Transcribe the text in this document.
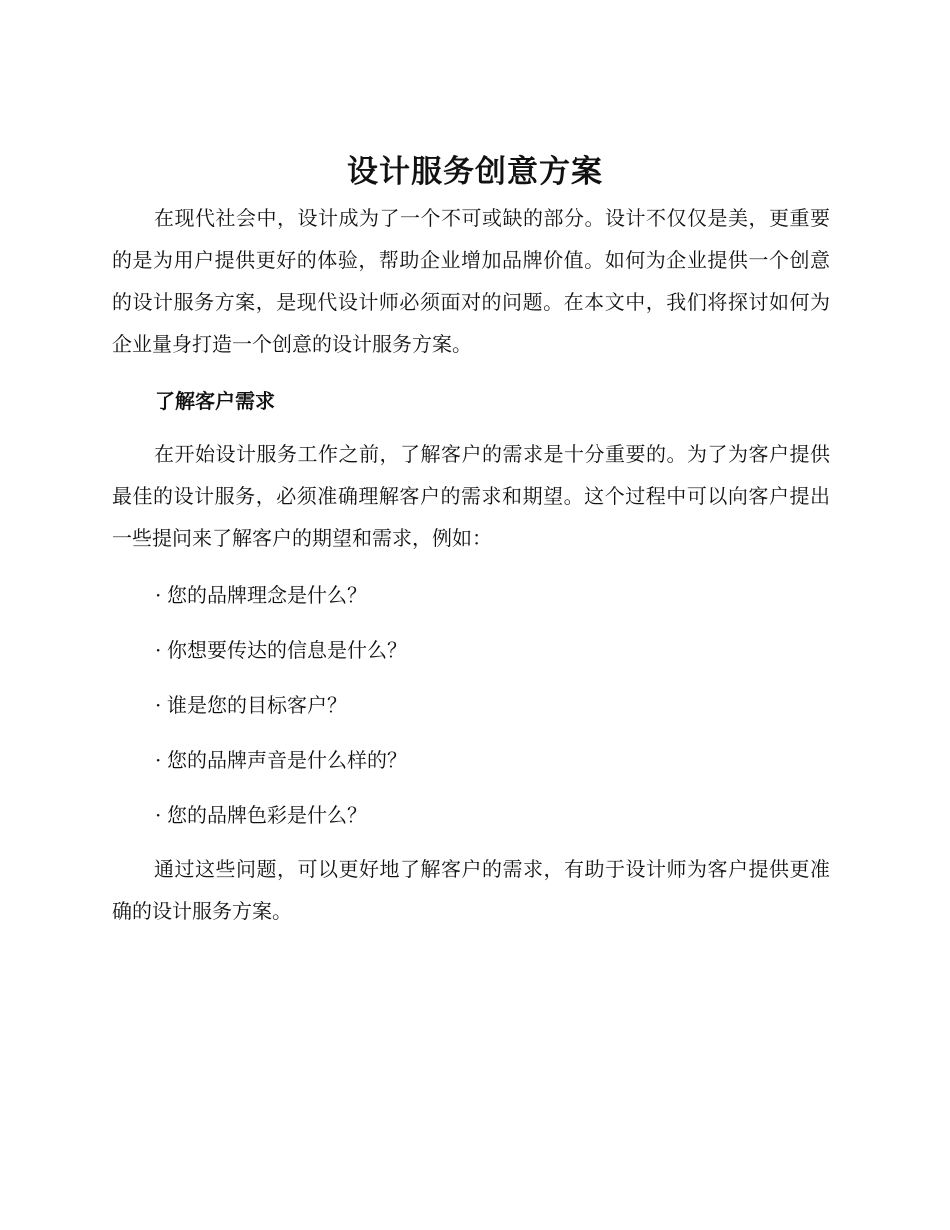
设计服务创意方案

在现代社会中，设计成为了一个不可或缺的部分。设计不仅仅是美，更重要的是为用户提供更好的体验，帮助企业增加品牌价值。如何为企业提供一个创意的设计服务方案，是现代设计师必须面对的问题。在本文中，我们将探讨如何为企业量身打造一个创意的设计服务方案。

了解客户需求

在开始设计服务工作之前，了解客户的需求是十分重要的。为了为客户提供最佳的设计服务，必须准确理解客户的需求和期望。这个过程中可以向客户提出一些提问来了解客户的期望和需求，例如：

· 您的品牌理念是什么？

· 你想要传达的信息是什么？

· 谁是您的目标客户？

· 您的品牌声音是什么样的？

· 您的品牌色彩是什么？

通过这些问题，可以更好地了解客户的需求，有助于设计师为客户提供更准确的设计服务方案。
